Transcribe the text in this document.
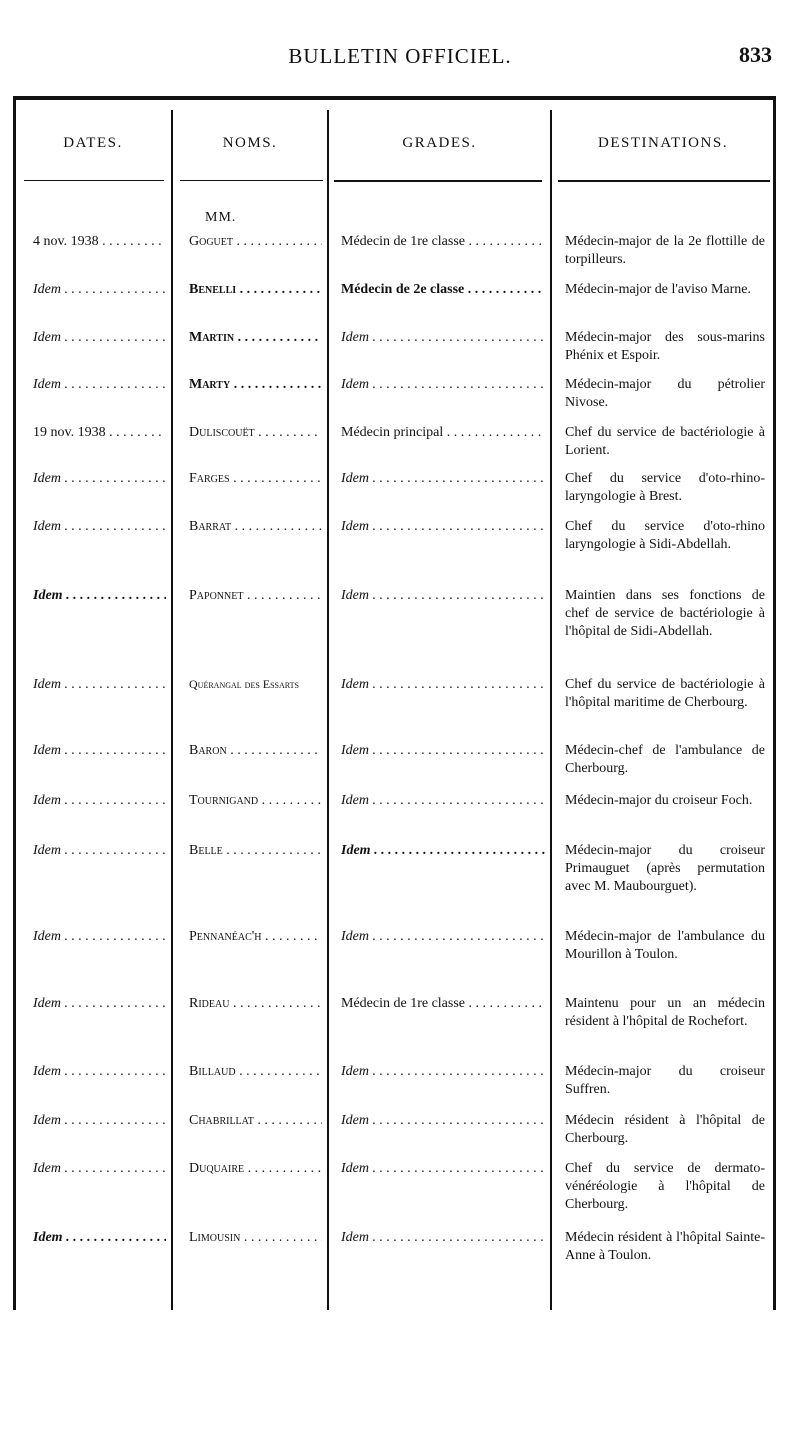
BULLETIN OFFICIEL.	833
DATES.	NOMS.	GRADES.	DESTINATIONS.
MM.
4 nov. 1938 . . .	Goguet . . .	Médecin de 1re classe . . .	Médecin-major de la 2e flottille de torpilleurs.
Idem . . .	Benelli . . .	Médecin de 2e classe . . .	Médecin-major de l'aviso Marne.
Idem . . .	Martin . . .	Idem . . .	Médecin-major des sous-marins Phénix et Espoir.
Idem . . .	Marty . . .	Idem . . .	Médecin-major du pétrolier Nivose.
19 nov. 1938 . . .	Duliscouët . . .	Médecin principal . . .	Chef du service de bactériologie à Lorient.
Idem . . .	Farges . . .	Idem . . .	Chef du service d'oto-rhino-laryngologie à Brest.
Idem . . .	Barrat . . .	Idem . . .	Chef du service d'oto-rhino laryngologie à Sidi-Abdellah.
Idem . . .	Paponnet . . .	Idem . . .	Maintien dans ses fonctions de chef de service de bactériologie à l'hôpital de Sidi-Abdellah.
Idem . . .	Quérangal des Essarts	Idem . . .	Chef du service de bactériologie à l'hôpital maritime de Cherbourg.
Idem . . .	Baron . . .	Idem . . .	Médecin-chef de l'ambulance de Cherbourg.
Idem . . .	Tournigand . . .	Idem . . .	Médecin-major du croiseur Foch.
Idem . . .	Belle . . .	Idem . . .	Médecin-major du croiseur Primauguet (après permutation avec M. Maubourguet).
Idem . . .	Pennanéac'h . . .	Idem . . .	Médecin-major de l'ambulance du Mourillon à Toulon.
Idem . . .	Rideau . . .	Médecin de 1re classe . . .	Maintenu pour un an médecin résident à l'hôpital de Rochefort.
Idem . . .	Billaud . . .	Idem . . .	Médecin-major du croiseur Suffren.
Idem . . .	Chabrillat . . .	Idem . . .	Médecin résident à l'hôpital de Cherbourg.
Idem . . .	Duquaire . . .	Idem . . .	Chef du service de dermato-vénéréologie à l'hôpital de Cherbourg.
Idem . . .	Limousin . . .	Idem . . .	Médecin résident à l'hôpital Sainte-Anne à Toulon.
